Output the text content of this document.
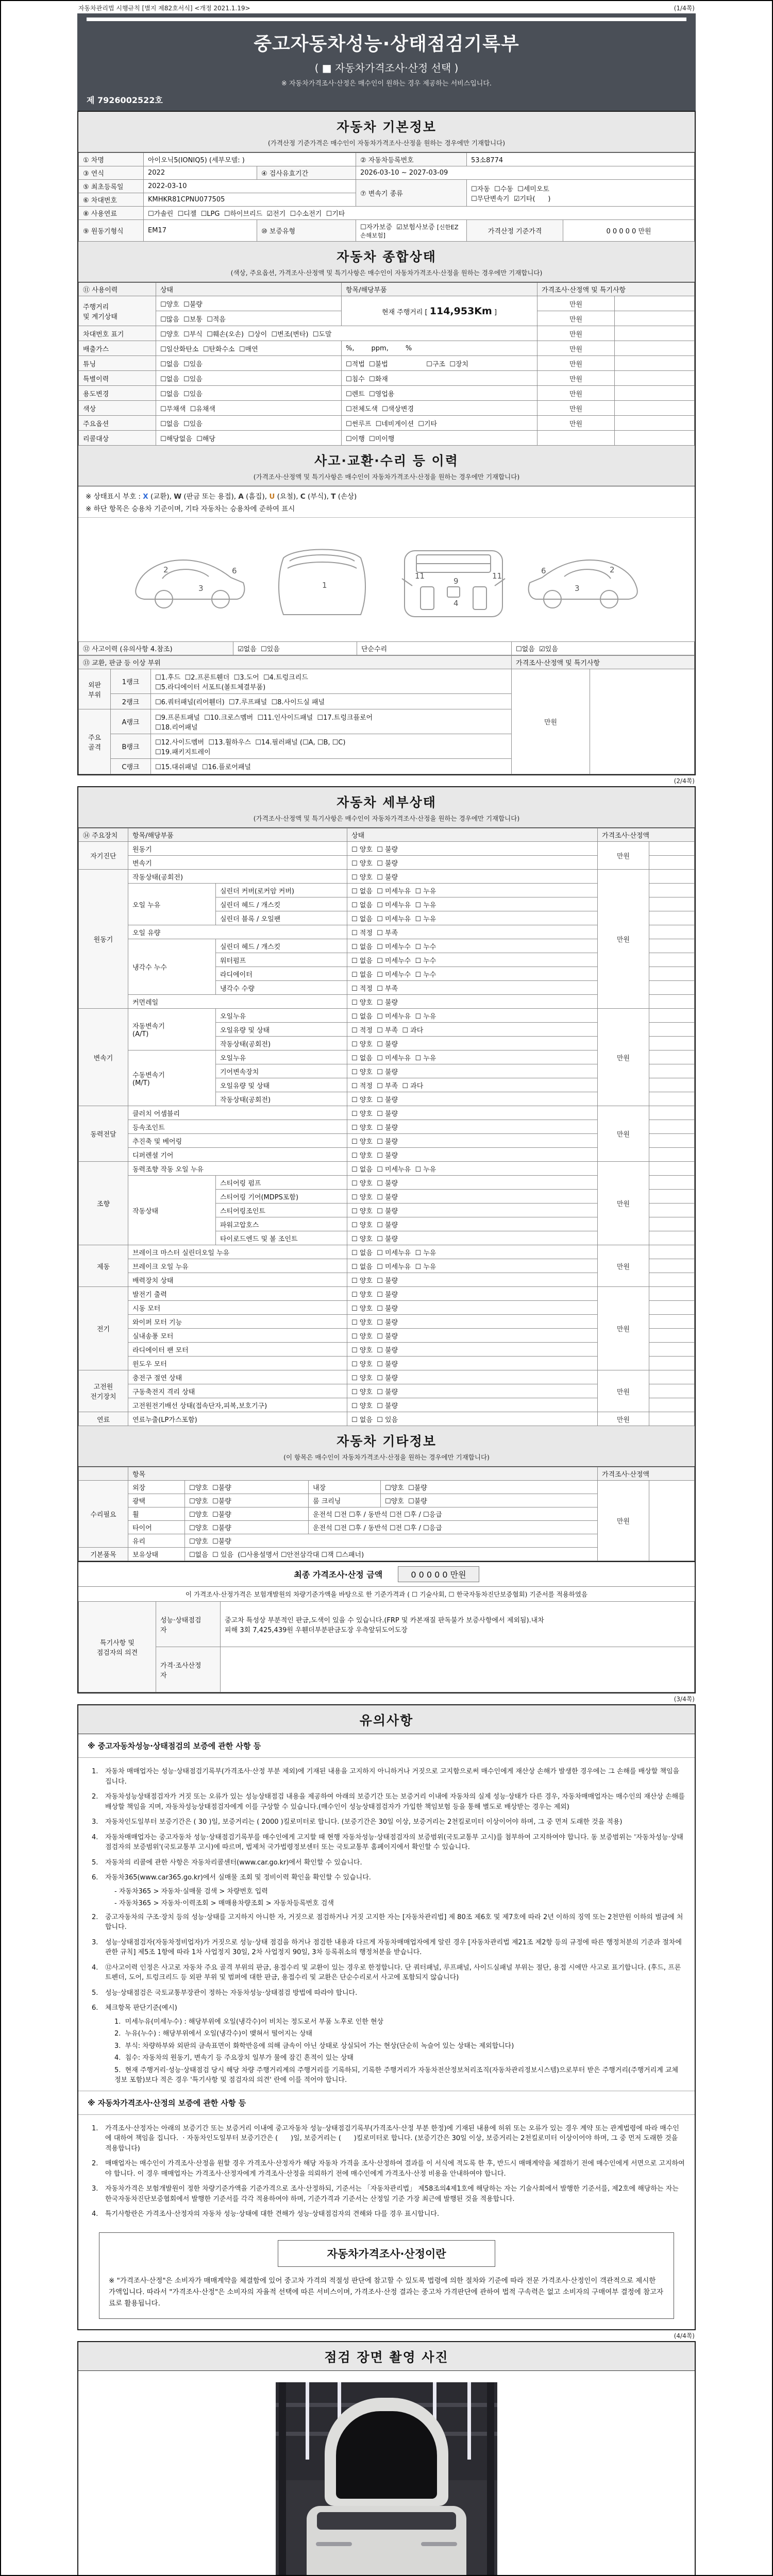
자동차관리법 시행규칙 [별지 제82호서식] <개정 2021.1.19>	(1/4쪽)
중고자동차성능·상태점검기록부
( ■ 자동차가격조사·산정 선택 )
※ 자동차가격조사·산정은 매수인이 원하는 경우 제공하는 서비스입니다.
제 7926002522호
자동차 기본정보
(가격산정 기준가격은 매수인이 자동차가격조사·산정을 원하는 경우에만 기재합니다)
① 차명	아이오닉5(IONIQ5) (세부모델: )		② 자동차등록번호	53소8774	
③ 연식	2022	④ 검사유효기간	2026-03-10 ~ 2027-03-09		
⑤ 최초등록일	2022-03-10		⑦ 변속기 종류	☐자동  ☐수동  ☐세미오토
☐무단변속기  ☑기타(      )	

⑥ 차대번호	KMHKR81CPNU077505				
⑧ 사용연료	☐가솔린  ☐디젤  ☐LPG  ☐하이브리드  ☑전기  ☐수소전기  ☐기타				
⑨ 원동기형식	EM17	⑩ 보증유형	☐자가보증  ☑보험사보증 [신한EZ손해보험]	가격산정 기준가격	0 0 0 0 0 만원
자동차 종합상태
(색상, 주요옵션, 가격조사·산정액 및 특기사항은 매수인이 자동차가격조사·산정을 원하는 경우에만 기재합니다)
⑪ 사용이력	상태	항목/해당부품	가격조사·산정액 및 특기사항	
주행거리
및 계기상태	☐양호  ☐불량	현재 주행거리 [ 114,953Km ]	만원	
	☐많음  ☐보통  ☐적음		만원	
차대번호 표기	☐양호  ☐부식  ☐훼손(오손)  ☐상이  ☐변조(변타)  ☐도말		만원	
배출가스	☐일산화탄소  ☐탄화수소  ☐매연	%,        ppm,        %	만원	
튜닝	☐없음  ☐있음	☐적법  ☐불법                  ☐구조  ☐장치	만원	
특별이력	☐없음  ☐있음	☐침수  ☐화재	만원	
용도변경	☐없음  ☐있음	☐렌트  ☐영업용	만원	
색상	☐무채색  ☐유채색	☐전체도색  ☐색상변경	만원	
주요옵션	☐없음  ☐있음	☐썬루프  ☐네비게이션  ☐기타	만원	
리콜대상	☐해당없음  ☐해당	☐이행  ☐미이행		
사고·교환·수리 등 이력
(가격조사·산정액 및 특기사항은 매수인이 자동차가격조사·산정을 원하는 경우에만 기재합니다)
※ 상태표시 부호 : X (교환), W (판금 또는 용접), A (흠집), U (요철), C (부식), T (손상)
※ 하단 항목은 승용차 기준이며, 기타 자동차는 승용차에 준하여 표시
2
3
6
1
11
9
11
4
6
3
2
⑫ 사고이력 (유의사항 4.참조)	☑없음  ☐있음	단순수리	☐없음  ☑있음
⑬ 교환, 판금 등 이상 부위			가격조사·산정액 및 특기사항	
외판
부위	1랭크	☐1.후드  ☐2.프론트휀더  ☐3.도어  ☐4.트렁크리드
☐5.라디에이터 서포트(볼트체결부품)	만원	
	2랭크	☐6.쿼터패널(리어휀더)  ☐7.루프패널  ☐8.사이드실 패널		
주요
골격	A랭크	☐9.프론트패널  ☐10.크로스멤버  ☐11.인사이드패널  ☐17.트렁크플로어
☐18.리어패널		
	B랭크	☐12.사이드멤버  ☐13.휠하우스  ☐14.필러패널 (☐A, ☐B, ☐C)
☐19.패키지트레이		
	C랭크	☐15.대쉬패널  ☐16.플로어패널		
(2/4쪽)
자동차 세부상태
(가격조사·산정액 및 특기사항은 매수인이 자동차가격조사·산정을 원하는 경우에만 기재합니다)
⑭ 주요장치	항목/해당부품		상태	가격조사·산정액	
자기진단	원동기		☐ 양호  ☐ 불량	만원	
	변속기		☐ 양호  ☐ 불량		
원동기	작동상태(공회전)		☐ 양호  ☐ 불량	만원	
	오일 누유	실린더 커버(로커암 커버)	☐ 없음  ☐ 미세누유  ☐ 누유		
		실린더 헤드 / 개스킷	☐ 없음  ☐ 미세누유  ☐ 누유		
		실린더 블록 / 오일팬	☐ 없음  ☐ 미세누유  ☐ 누유		
	오일 유량		☐ 적정  ☐ 부족		
	냉각수 누수	실린더 헤드 / 개스킷	☐ 없음  ☐ 미세누수  ☐ 누수		
		워터펌프	☐ 없음  ☐ 미세누수  ☐ 누수		
		라디에이터	☐ 없음  ☐ 미세누수  ☐ 누수		
		냉각수 수량	☐ 적정  ☐ 부족		
	커먼레일		☐ 양호  ☐ 불량		
변속기	자동변속기
(A/T)	오일누유	☐ 없음  ☐ 미세누유  ☐ 누유	만원	
		오일유량 및 상태	☐ 적정  ☐ 부족  ☐ 과다		
		작동상태(공회전)	☐ 양호  ☐ 불량		
	수동변속기
(M/T)	오일누유	☐ 없음  ☐ 미세누유  ☐ 누유		
		기어변속장치	☐ 양호  ☐ 불량		
		오일유량 및 상태	☐ 적정  ☐ 부족  ☐ 과다		
		작동상태(공회전)	☐ 양호  ☐ 불량		
동력전달	클러치 어셈블리		☐ 양호  ☐ 불량	만원	
	등속조인트		☐ 양호  ☐ 불량		
	추진축 및 베어링		☐ 양호  ☐ 불량		
	디퍼렌셜 기어		☐ 양호  ☐ 불량		
조향	동력조향 작동 오일 누유		☐ 없음  ☐ 미세누유  ☐ 누유	만원	
	작동상태	스티어링 펌프	☐ 양호  ☐ 불량		
		스티어링 기어(MDPS포함)	☐ 양호  ☐ 불량		
		스티어링조인트	☐ 양호  ☐ 불량		
		파워고압호스	☐ 양호  ☐ 불량		
		타이로드엔드 및 볼 조인트	☐ 양호  ☐ 불량		
제동	브레이크 마스터 실린더오일 누유		☐ 없음  ☐ 미세누유  ☐ 누유	만원	
	브레이크 오일 누유		☐ 없음  ☐ 미세누유  ☐ 누유		
	배력장치 상태		☐ 양호  ☐ 불량		
전기	발전기 출력		☐ 양호  ☐ 불량	만원	
	시동 모터		☐ 양호  ☐ 불량		
	와이퍼 모터 기능		☐ 양호  ☐ 불량		
	실내송풍 모터		☐ 양호  ☐ 불량		
	라디에이터 팬 모터		☐ 양호  ☐ 불량		
	윈도우 모터		☐ 양호  ☐ 불량		
고전원
전기장치	충전구 절연 상태		☐ 양호  ☐ 불량	만원	
	구동축전지 격리 상태		☐ 양호  ☐ 불량		
	고전원전기배선 상태(접속단자,피복,보호기구)		☐ 양호  ☐ 불량		
연료	연료누출(LP가스포함)		☐ 없음  ☐ 있음	만원	
자동차 기타정보
(이 항목은 매수인이 자동차가격조사·산정을 원하는 경우에만 기재합니다)
	항목				가격조사·산정액	
수리필요	외장	☐양호  ☐불량	내장	☐양호  ☐불량	만원	
	광택	☐양호  ☐불량	룸 크리닝	☐양호  ☐불량		
	휠	☐양호  ☐불량	운전석 ☐전 ☐후 / 동반석 ☐전 ☐후 / ☐응급			
	타이어	☐양호  ☐불량	운전석 ☐전 ☐후 / 동반석 ☐전 ☐후 / ☐응급			
	유리	☐양호  ☐불량				
기본품목	보유상태	☐없음  ☐ 있음  (☐사용설명서 ☐안전삼각대 ☐잭 ☐스패너)				
최종 가격조사·산정 금액	0 0 0 0 0 만원
이 가격조사·산정가격은 보험개발원의 차량기준가액을 바탕으로 한 기준가격과 ( ☐ 기술사회, ☐ 한국자동차진단보증협회) 기준서를 적용하였음
특기사항 및
점검자의 의견	성능·상태점검
자	중고차 특성상 부분적인 판금,도색이 있을 수 있습니다.(FRP 및 카본재질 판독불가 보증사항에서 제외됨).내차
피해 3회 7,425,439원 우휀더부분판금도장 우측앞뒤도어도장
	가격·조사산정
자	
(3/4쪽)
유의사항
※ 중고자동차성능·상태점검의 보증에 관한 사항 등
1.	자동차 매매업자는 성능·상태점검기록부(가격조사·산정 부분 제외)에 기재된 내용을 고지하지 아니하거나 거짓으로 고지함으로써 매수인에게 재산상 손해가 발생한 경우에는 그 손해를 배상할 책임을 집니다.
2.	자동차성능상태점검자가 거짓 또는 오류가 있는 성능상태점검 내용을 제공하여 아래의 보증기간 또는 보증거리 이내에 자동차의 실제 성능·상태가 다른 경우, 자동차매매업자는 매수인의 재산상 손해를 배상할 책임을 지며, 자동차성능상태점검자에게 이를 구상할 수 있습니다.(매수인이 성능상태점검자가 가입한 책임보험 등을 통해 별도로 배상받는 경우는 제외)
3.	자동차인도일부터 보증기간은 ( 30 )일, 보증거리는 ( 2000 )킬로미터로 합니다. (보증기간은 30일 이상, 보증거리는 2천킬로미터 이상이어야 하며, 그 중 먼저 도래한 것을 적용)
4.	자동차매매업자는 중고자동차 성능·상태점검기록부를 매수인에게 고지할 때 현행 자동차성능·상태점검자의 보증범위(국토교통부 고시)를 첨부하여 고지하여야 합니다. 동 보증범위는 '자동차성능·상태점검자의 보증범위'(국토교통부 고시)에 따르며, 법제처 국가법령정보센터 또는 국토교통부 홈페이지에서 확인할 수 있습니다.
5.	자동차의 리콜에 관한 사항은 자동차리콜센터(www.car.go.kr)에서 확인할 수 있습니다.
6.	자동차365(www.car365.go.kr)에서 실매물 조회 및 정비이력 확인을 확인할 수 있습니다.
- 자동차365 > 자동차·실매물 검색 > 차량번호 입력
- 자동차365 > 자동차·이력조회 > 매매용차량조회 > 자동차등록번호 검색
2.	중고자동차의 구조·장치 등의 성능·상태를 고지하지 아니한 자, 거짓으로 점검하거나 거짓 고지한 자는 [자동차관리법] 제 80조 제6호 및 제7호에 따라 2년 이하의 징역 또는 2천만원 이하의 벌금에 처합니다.
3.	성능·상태점검자(자동차정비업자)가 거짓으로 성능·상태 점검을 하거나 점검한 내용과 다르게 자동차매매업자에게 알린 경우 [자동차관리법 제21조 제2항 등의 규정에 따른 행정처분의 기준과 절차에 관한 규칙] 제5조 1항에 따라 1차 사업정지 30일, 2차 사업정지 90일, 3차 등록취소의 행정처분을 받습니다.
4.	⑫사고이력 인정은 사고로 자동차 주요 골격 부위의 판금, 용접수리 및 교환이 있는 경우로 한정합니다. 단 쿼터패널, 루프패널, 사이드실패널 부위는 절단, 용접 시에만 사고로 표기합니다. (후드, 프론트펜더, 도어, 트렁크리드 등 외판 부위 및 범퍼에 대한 판금, 용접수리 및 교환은 단순수리로서 사고에 포함되지 않습니다)
5.	성능·상태점검은 국토교통부장관이 정하는 자동차성능·상태점검 방법에 따라야 합니다.
6.	체크항목 판단기준(예시)
1.  미세누유(미세누수) : 해당부위에 오일(냉각수)이 비치는 정도로서 부품 노후로 인한 현상
2.  누유(누수) : 해당부위에서 오일(냉각수)이 맺혀서 떨어지는 상태
3.  부식: 차량하부와 외판의 금속표면이 화학반응에 의해 금속이 아닌 상태로 상실되어 가는 현상(단순히 녹슬어 있는 상태는 제외합니다)
4.  침수: 자동차의 원동기, 변속기 등 주요장치 일부가 물에 잠긴 흔적이 있는 상태
5.  현재 주행거리·성능·상태점검 당시 해당 차량 주행거리계의 주행거리를 기록하되, 기록한 주행거리가 자동차전산정보처리조직(자동차관리정보시스템)으로부터 받은 주행거리(주행거리계 교체 정보 포함)보다 적은 경우 '특기사항 및 점검자의 의견' 란에 이를 적어야 합니다.
※ 자동차가격조사·산정의 보증에 관한 사항 등
1.	가격조사·산정자는 아래의 보증기간 또는 보증거리 이내에 중고자동차 성능·상태점검기록부(가격조사·산정 부분 한정)에 기재된 내용에 허위 또는 오류가 있는 경우 계약 또는 관계법령에 따라 매수인에 대하여 책임을 집니다.  · 자동차인도일부터 보증기간은 (      )일, 보증거리는 (      )킬로미터로 합니다. (보증기간은 30일 이상, 보증거리는 2천킬로미터 이상이어야 하며, 그 중 먼저 도래한 것을 적용합니다)
2.	매매업자는 매수인이 가격조사·산정을 원할 경우 가격조사·산정자가 해당 자동차 가격을 조사·산정하여 결과를 이 서식에 적도록 한 후, 반드시 매매계약을 체결하기 전에 매수인에게 서면으로 고지하여야 합니다. 이 경우 매매업자는 가격조사·산정자에게 가격조사·산정을 의뢰하기 전에 매수인에게 가격조사·산정 비용을 안내하여야 합니다.
3.	자동차가격은 보험개발원이 정한 차량기준가액을 기준가격으로 조사·산정하되, 기준서는 「자동차관리법」 제58조의4제1호에 해당하는 자는 기술사회에서 발행한 기준서를, 제2호에 해당하는 자는 한국자동차진단보증협회에서 발행한 기준서를 각각 적용하여야 하며, 기준가격과 기준서는 산정일 기준 가장 최근에 발행된 것을 적용합니다.
4.	특기사항란은 가격조사·산정자의 자동차 성능·상태에 대한 견해가 성능·상태점검자의 견해와 다를 경우 표시합니다.
자동차가격조사·산정이란
※ "가격조사·산정"은 소비자가 매매계약을 체결함에 있어 중고차 가격의 적절성 판단에 참고할 수 있도록 법령에 의한 절차와 기준에 따라 전문 가격조사·산정인이 객관적으로 제시한 가액입니다. 따라서 "가격조사·산정"은 소비자의 자율적 선택에 따른 서비스이며, 가격조사·산정 결과는 중고차 가격판단에 관하여 법적 구속력은 없고 소비자의 구매여부 결정에 참고자료로 활용됩니다.
(4/4쪽)
점검 장면 촬영 사진
